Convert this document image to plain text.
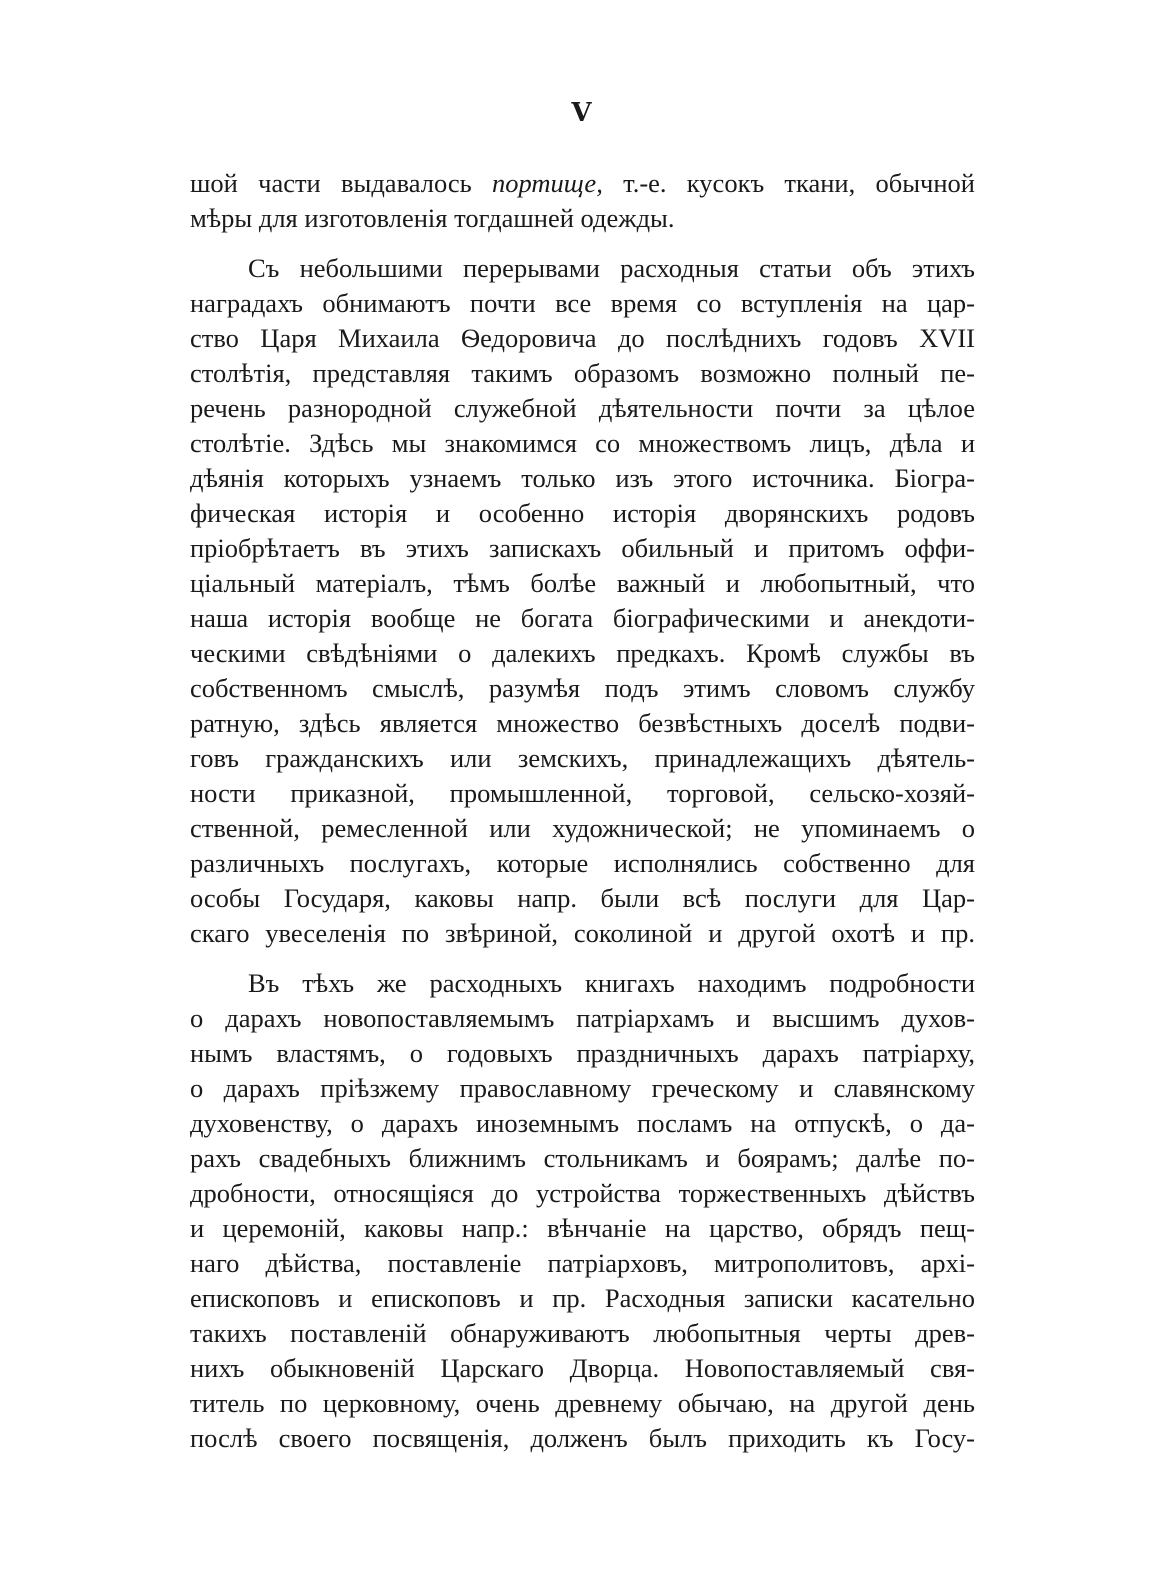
V
шой части выдавалось портище, т.-е. кусокъ ткани, обычной
мѣры для изготовленія тогдашней одежды.
Съ небольшими перерывами расходныя статьи объ этихъ
наградахъ обнимаютъ почти все время со вступленія на цар-
ство Царя Михаила Ѳедоровича до послѣднихъ годовъ XVII
столѣтія, представляя такимъ образомъ возможно полный пе-
речень разнородной служебной дѣятельности почти за цѣлое
столѣтіе. Здѣсь мы знакомимся со множествомъ лицъ, дѣла и
дѣянія которыхъ узнаемъ только изъ этого источника. Біогра-
фическая исторія и особенно исторія дворянскихъ родовъ
пріобрѣтаетъ въ этихъ запискахъ обильный и притомъ оффи-
ціальный матеріалъ, тѣмъ болѣе важный и любопытный, что
наша исторія вообще не богата біографическими и анекдоти-
ческими свѣдѣніями о далекихъ предкахъ. Кромѣ службы въ
собственномъ смыслѣ, разумѣя подъ этимъ словомъ службу
ратную, здѣсь является множество безвѣстныхъ доселѣ подви-
говъ гражданскихъ или земскихъ, принадлежащихъ дѣятель-
ности приказной, промышленной, торговой, сельско-хозяй-
ственной, ремесленной или художнической; не упоминаемъ о
различныхъ послугахъ, которые исполнялись собственно для
особы Государя, каковы напр. были всѣ послуги для Цар-
скаго увеселенія по звѣриной, соколиной и другой охотѣ и пр.
Въ тѣхъ же расходныхъ книгахъ находимъ подробности
о дарахъ новопоставляемымъ патріархамъ и высшимъ духов-
нымъ властямъ, о годовыхъ праздничныхъ дарахъ патріарху,
о дарахъ пріѣзжему православному греческому и славянскому
духовенству, о дарахъ иноземнымъ посламъ на отпускѣ, о да-
рахъ свадебныхъ ближнимъ стольникамъ и боярамъ; далѣе по-
дробности, относящіяся до устройства торжественныхъ дѣйствъ
и церемоній, каковы напр.: вѣнчаніе на царство, обрядъ пещ-
наго дѣйства, поставленіе патріарховъ, митрополитовъ, архі-
епископовъ и епископовъ и пр. Расходныя записки касательно
такихъ поставленій обнаруживаютъ любопытныя черты древ-
нихъ обыкновеній Царскаго Дворца. Новопоставляемый свя-
титель по церковному, очень древнему обычаю, на другой день
послѣ своего посвященія, долженъ былъ приходить къ Госу-
